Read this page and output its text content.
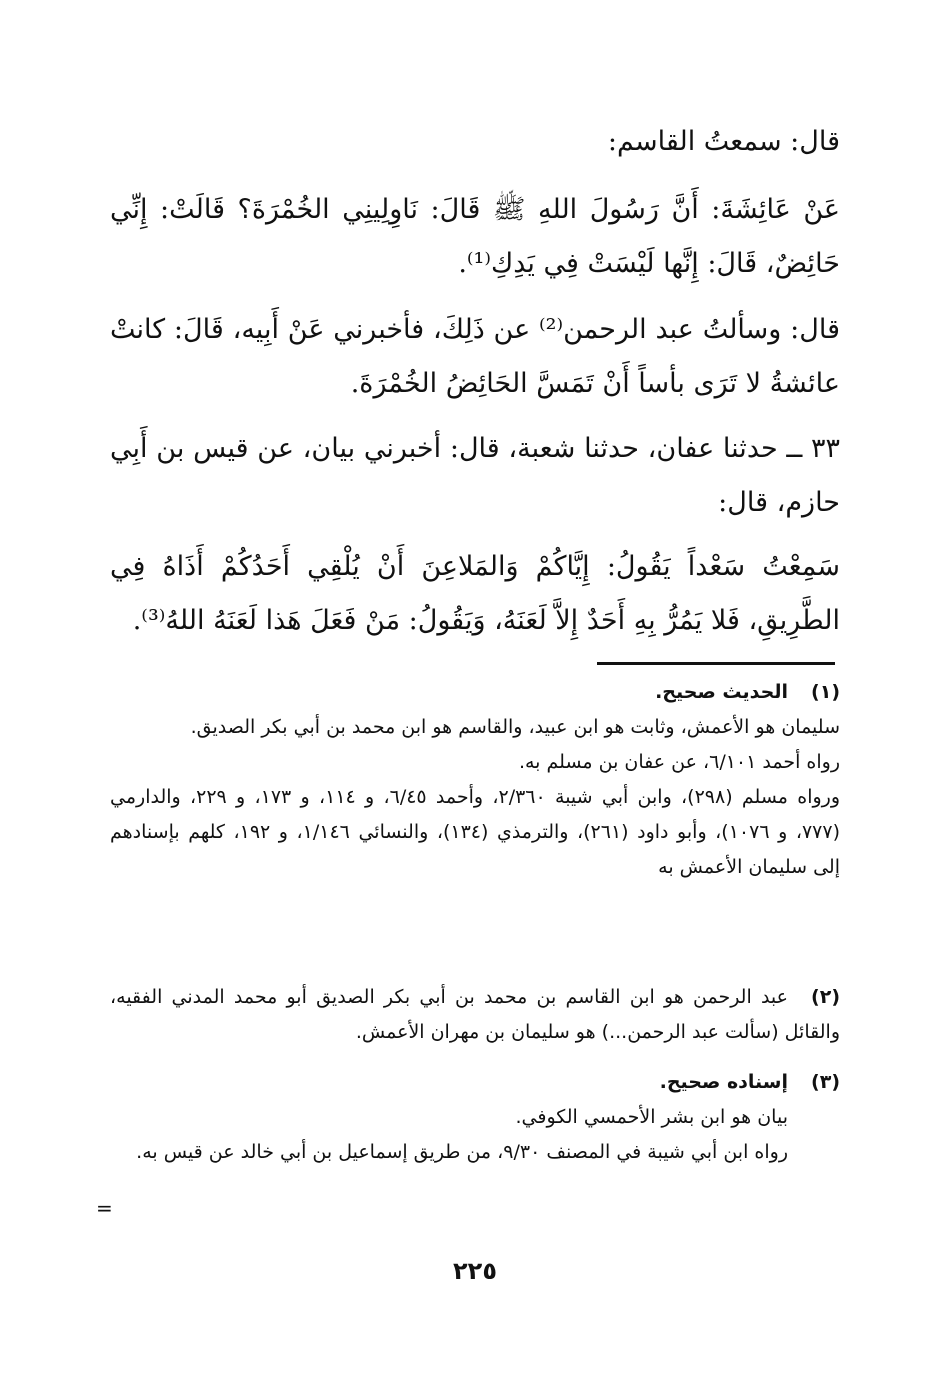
قال: سمعتُ القاسم:

عَنْ عَائِشَةَ: أَنَّ رَسُولَ اللهِ ﷺ قَالَ: نَاوِلِينِي الخُمْرَةَ؟ قَالَتْ: إِنِّي حَائِضٌ، قَالَ: إِنَّها لَيْسَتْ فِي يَدِكِ⁽¹⁾.

قال: وسألتُ عبد الرحمن⁽²⁾ عن ذَلِكَ، فأخبرني عَنْ أَبِيه، قَالَ: كانتْ عائشةُ لا تَرَى بأساً أَنْ تَمَسَّ الحَائِضُ الخُمْرَةَ.

٣٣ ــ حدثنا عفان، حدثنا شعبة، قال: أخبرني بيان، عن قيس بن أَبِي حازم، قال:

سَمِعْتُ سَعْداً يَقُولُ: إِيَّاكُمْ وَالمَلاعِنَ أَنْ يُلْقِي أَحَدُكُمْ أَذَاهُ فِي الطَّرِيقِ، فَلا يَمُرُّ بِهِ أَحَدٌ إِلاَّ لَعَنَهُ، وَيَقُولُ: مَنْ فَعَلَ هَذا لَعَنَهُ اللهُ⁽³⁾.

(١)الحديث صحيح.

سليمان هو الأعمش، وثابت هو ابن عبيد، والقاسم هو ابن محمد بن أبي بكر الصديق.

رواه أحمد ٦/١٠١، عن عفان بن مسلم به.

ورواه مسلم (٢٩٨)، وابن أبي شيبة ٢/٣٦٠، وأحمد ٦/٤٥، و ١١٤، و ١٧٣، و ٢٢٩، والدارمي (٧٧٧، و ١٠٧٦)، وأبو داود (٢٦١)، والترمذي (١٣٤)، والنسائي ١/١٤٦، و ١٩٢، كلهم بإسنادهم إلى سليمان الأعمش به

(٢)عبد الرحمن هو ابن القاسم بن محمد بن أبي بكر الصديق أبو محمد المدني الفقيه، والقائل (سألت عبد الرحمن...) هو سليمان بن مهران الأعمش.

(٣)إسناده صحيح.

بيان هو ابن بشر الأحمسي الكوفي.

رواه ابن أبي شيبة في المصنف ٩/٣٠، من طريق إسماعيل بن أبي خالد عن قيس به.

=
٢٢٥
